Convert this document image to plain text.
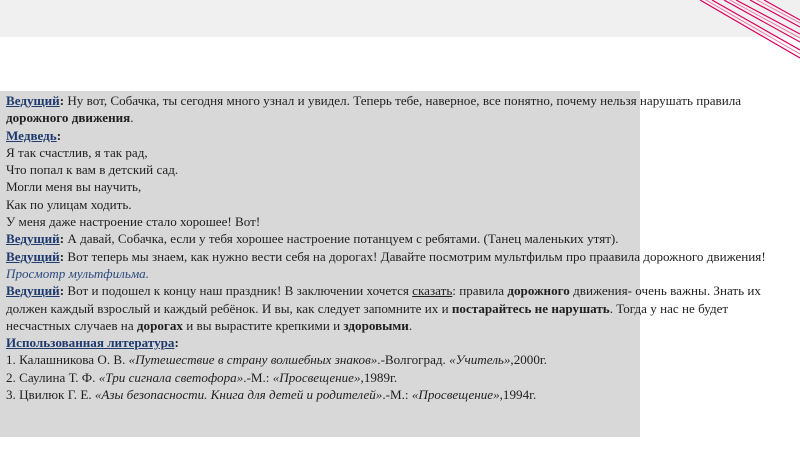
Ведущий: Ну вот, Собачка, ты сегодня много узнал и увидел. Теперь тебе, наверное, все понятно, почему нельзя нарушать правила дорожного движения.

Медведь:

Я так счастлив, я так рад,

Что попал к вам в детский сад.

Могли меня вы научить,

Как по улицам ходить.

У меня даже настроение стало хорошее! Вот!

Ведущий: А давай, Собачка, если у тебя хорошее настроение потанцуем с ребятами. (Танец маленьких утят).

Ведущий: Вот теперь мы знаем, как нужно вести себя на дорогах! Давайте посмотрим мультфильм про праавила дорожного движения!

Просмотр мультфильма.

Ведущий: Вот и подошел к концу наш праздник! В заключении хочется сказать: правила дорожного движения- очень важны. Знать их должен каждый взрослый и каждый ребёнок. И вы, как следует запомните их и постарайтесь не нарушать. Тогда у нас не будет несчастных случаев на дорогах и вы вырастите крепкими и здоровыми.

Использованная литература:

1. Калашникова О. В. «Путешествие в страну волшебных знаков».-Волгоград. «Учитель»,2000г.

2. Саулина Т. Ф. «Три сигнала светофора».-М.: «Просвещение»,1989г.

3. Цвилюк Г. Е. «Азы безопасности. Книга для детей и родителей».-М.: «Просвещение»,1994г.
